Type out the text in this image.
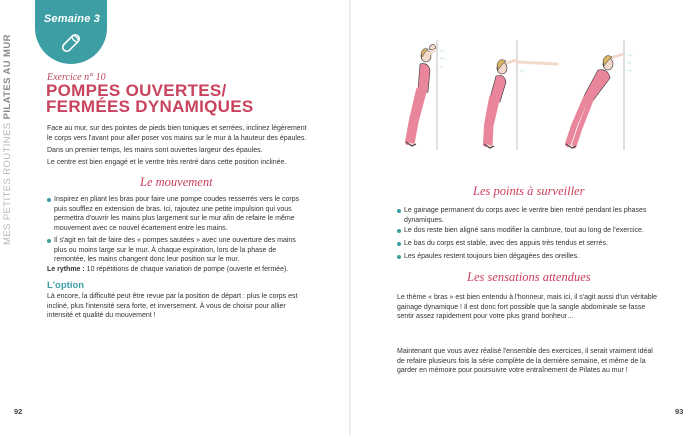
Semaine 3
MES PETITES ROUTINES PILATES AU MUR	Exercice n° 10
POMPES OUVERTES/
FERMÉES DYNAMIQUES
Face au mur, sur des pointes de pieds bien toniques et serrées, inclinez légèrement le corps vers l'avant pour aller poser vos mains sur le mur à la hauteur des épaules.
Dans un premier temps, les mains sont ouvertes largeur des épaules.
Le centre est bien engagé et le ventre très rentré dans cette position inclinée.
Le mouvement
Inspirez en pliant les bras pour faire une pompe coudes resserrés vers le corps puis soufflez en extension de bras. Ici, rajoutez une petite impulsion qui vous permettra d'ouvrir les mains plus largement sur le mur afin de refaire le même mouvement avec ce nouvel écartement entre les mains.
Il s'agit en fait de faire des « pompes sautées » avec une ouverture des mains plus ou moins large sur le mur. À chaque expiration, lors de la phase de remontée, les mains changent donc leur position sur le mur.
Le rythme : 10 répétitions de chaque variation de pompe (ouverte et fermée).
L'option
Là encore, la difficulté peut être revue par la position de départ : plus le corps est incliné, plus l'intensité sera forte, et inversement. À vous de choisir pour allier intensité et qualité du mouvement !
92
Les points à surveiller
Le gainage permanent du corps avec le ventre bien rentré pendant les phases dynamiques.
Le dos reste bien aligné sans modifier la cambrure, tout au long de l'exercice.
Le bas du corps est stable, avec des appuis très tendus et serrés.
Les épaules restent toujours bien dégagées des oreilles.
Les sensations attendues
Le thème « bras » est bien entendu à l'honneur, mais ici, il s'agit aussi d'un véritable gainage dynamique ! Il est donc fort possible que la sangle abdominale se fasse sentir assez rapidement pour votre plus grand bonheur…
Maintenant que vous avez réalisé l'ensemble des exercices, il serait vraiment idéal de refaire plusieurs fois la série complète de la dernière semaine, et même de la garder en mémoire pour poursuivre votre entraînement de Pilates au mur !
93
